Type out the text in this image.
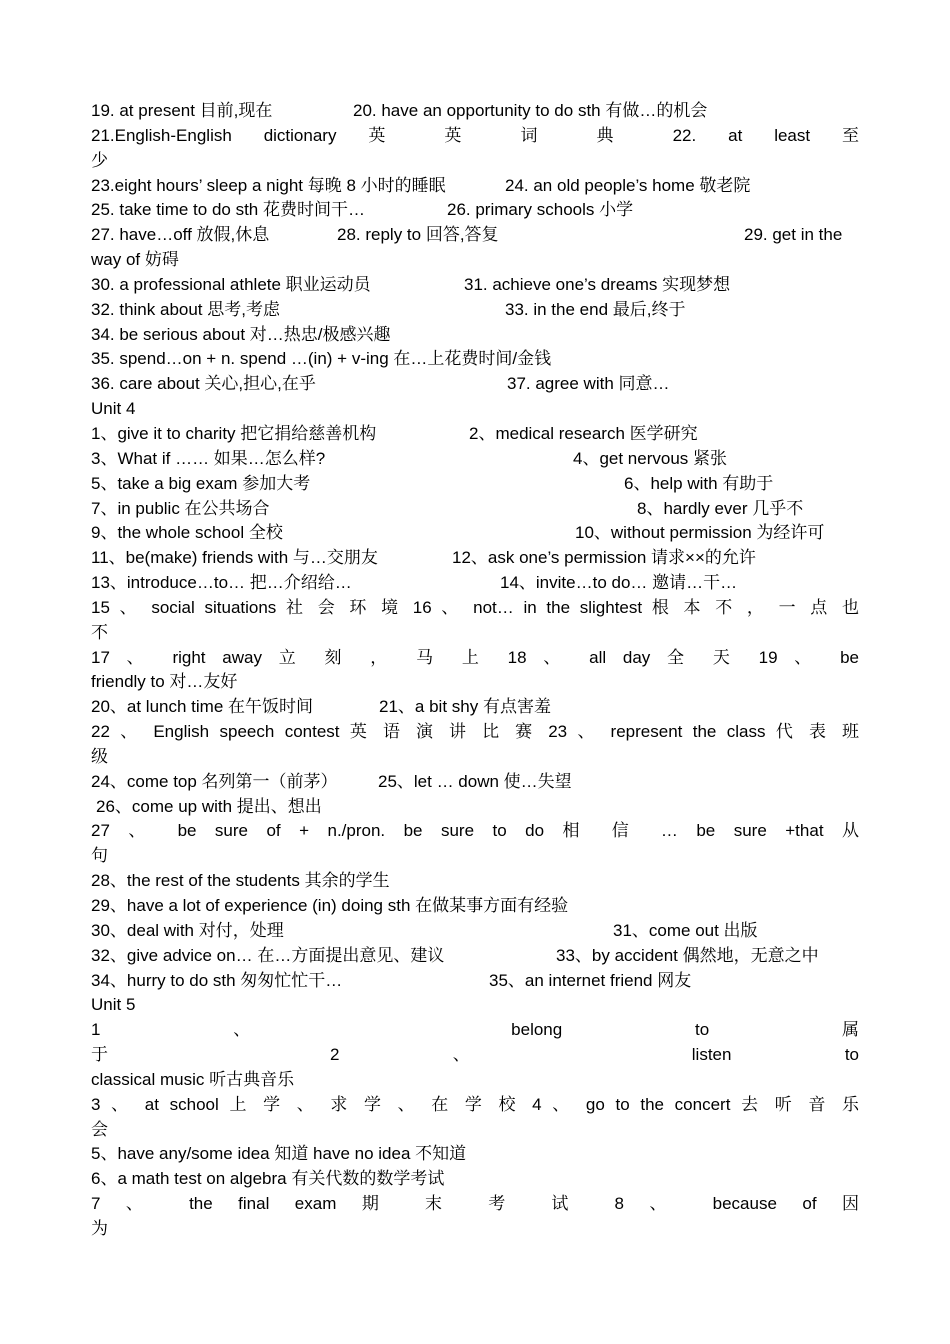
19. at present 目前,现在	20. have an opportunity to do sth 有做…的机会
21.English-English dictionary 英 英 词 典 22. at least 至
少
23.eight hours’ sleep a night 每晚 8 小时的睡眠	24. an old people’s home 敬老院
25. take time to do sth 花费时间干…	26. primary schools 小学
27. have…off 放假,休息	28. reply to 回答,答复	29. get in the
way of 妨碍
30. a professional athlete 职业运动员	31. achieve one’s dreams 实现梦想
32. think about 思考,考虑	33. in the end 最后,终于
34. be serious about 对…热忠/极感兴趣
35. spend…on + n. spend …(in) + v-ing 在…上花费时间/金钱
36. care about 关心,担心,在乎	37. agree with 同意…
Unit 4
1、give it to charity 把它捐给慈善机构	2、medical research 医学研究
3、What if …… 如果…怎么样?	4、get nervous 紧张
5、take a big exam 参加大考	6、help with 有助于
7、in public 在公共场合	8、hardly ever 几乎不
9、the whole school 全校	10、without permission 为经许可
11、be(make) friends with 与…交朋友	12、ask one’s permission 请求××的允许
13、introduce…to… 把…介绍给…	14、invite…to do… 邀请…干…
15 、 social situations 社 会 环 境 16 、 not… in the slightest 根 本 不 ， 一 点 也
不
17 、 right away 立 刻 ， 马 上 18 、 all day 全 天 19 、 be
friendly to 对…友好
20、at lunch time 在午饭时间	21、a bit shy 有点害羞
22 、 English speech contest 英 语 演 讲 比 赛 23 、 represent the class 代 表 班
级
24、come top 名列第一（前茅） 25、let … down 使…失望
26、come up with 提出、想出
27 、 be sure of + n./pron. be sure to do 相 信 … be sure +that 从
句
28、the rest of the students 其余的学生
29、have a lot of experience (in) doing sth 在做某事方面有经验
30、deal with 对付，处理	31、come out 出版
32、give advice on… 在…方面提出意见、建议	33、by accident 偶然地，无意之中
34、hurry to do sth 匆匆忙忙干…	35、an internet friend 网友
Unit 5
1 、 belong to 属
于 2 、 listen to
classical music 听古典音乐
3 、 at school 上 学 、 求 学 、 在 学 校 4 、 go to the concert 去 听 音 乐
会
5、have any/some idea 知道 have no idea 不知道
6、a math test on algebra 有关代数的数学考试
7 、 the final exam 期 末 考 试 8 、 because of 因
为
